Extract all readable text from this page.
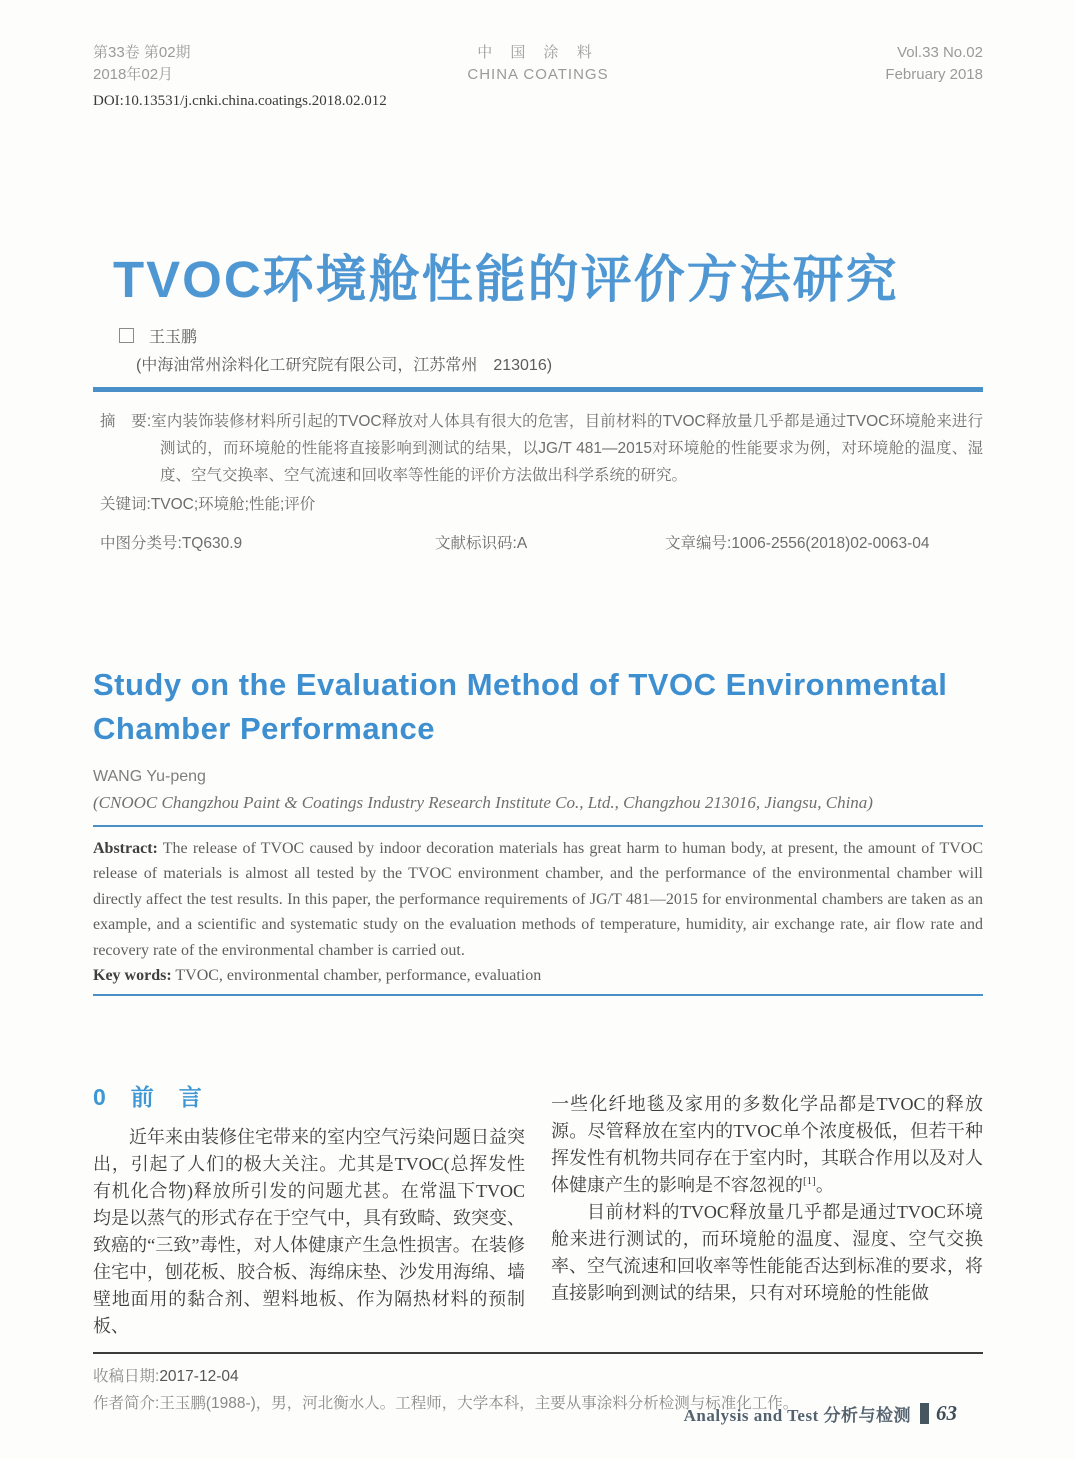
第33卷 第02期
2018年02月
中 国 涂 料
CHINA COATINGS
Vol.33 No.02
February 2018
DOI:10.13531/j.cnki.china.coatings.2018.02.012
TVOC环境舱性能的评价方法研究
王玉鹏
(中海油常州涂料化工研究院有限公司，江苏常州　213016)

摘　要:室内装饰装修材料所引起的TVOC释放对人体具有很大的危害，目前材料的TVOC释放量几乎都是通过TVOC环境舱来进行测试的，而环境舱的性能将直接影响到测试的结果，以JG/T 481—2015对环境舱的性能要求为例，对环境舱的温度、湿度、空气交换率、空气流速和回收率等性能的评价方法做出科学系统的研究。

关键词:TVOC;环境舱;性能;评价
中图分类号:TQ630.9	文献标识码:A	文章编号:1006-2556(2018)02-0063-04
Study on the Evaluation Method of TVOC Environmental
Chamber Performance
WANG Yu-peng
(CNOOC Changzhou Paint & Coatings Industry Research Institute Co., Ltd., Changzhou 213016, Jiangsu, China)

Abstract: The release of TVOC caused by indoor decoration materials has great harm to human body, at present, the amount of TVOC release of materials is almost all tested by the TVOC environment chamber, and the performance of the environmental chamber will directly affect the test results. In this paper, the performance requirements of JG/T 481—2015 for environmental chambers are taken as an example, and a scientific and systematic study on the evaluation methods of temperature, humidity, air exchange rate, air flow rate and recovery rate of the environmental chamber is carried out.

Key words: TVOC, environmental chamber, performance, evaluation
0　前　言

近年来由装修住宅带来的室内空气污染问题日益突出，引起了人们的极大关注。尤其是TVOC(总挥发性有机化合物)释放所引发的问题尤甚。在常温下TVOC均是以蒸气的形式存在于空气中，具有致畸、致突变、致癌的“三致”毒性，对人体健康产生急性损害。在装修住宅中，刨花板、胶合板、海绵床垫、沙发用海绵、墙壁地面用的黏合剂、塑料地板、作为隔热材料的预制板、

一些化纤地毯及家用的多数化学品都是TVOC的释放源。尽管释放在室内的TVOC单个浓度极低，但若干种挥发性有机物共同存在于室内时，其联合作用以及对人体健康产生的影响是不容忽视的[1]。

目前材料的TVOC释放量几乎都是通过TVOC环境舱来进行测试的，而环境舱的温度、湿度、空气交换率、空气流速和回收率等性能能否达到标准的要求，将直接影响到测试的结果，只有对环境舱的性能做

收稿日期:2017-12-04
作者简介:王玉鹏(1988-)，男，河北衡水人。工程师，大学本科，主要从事涂料分析检测与标准化工作。
Analysis and Test 分析与检测 63
